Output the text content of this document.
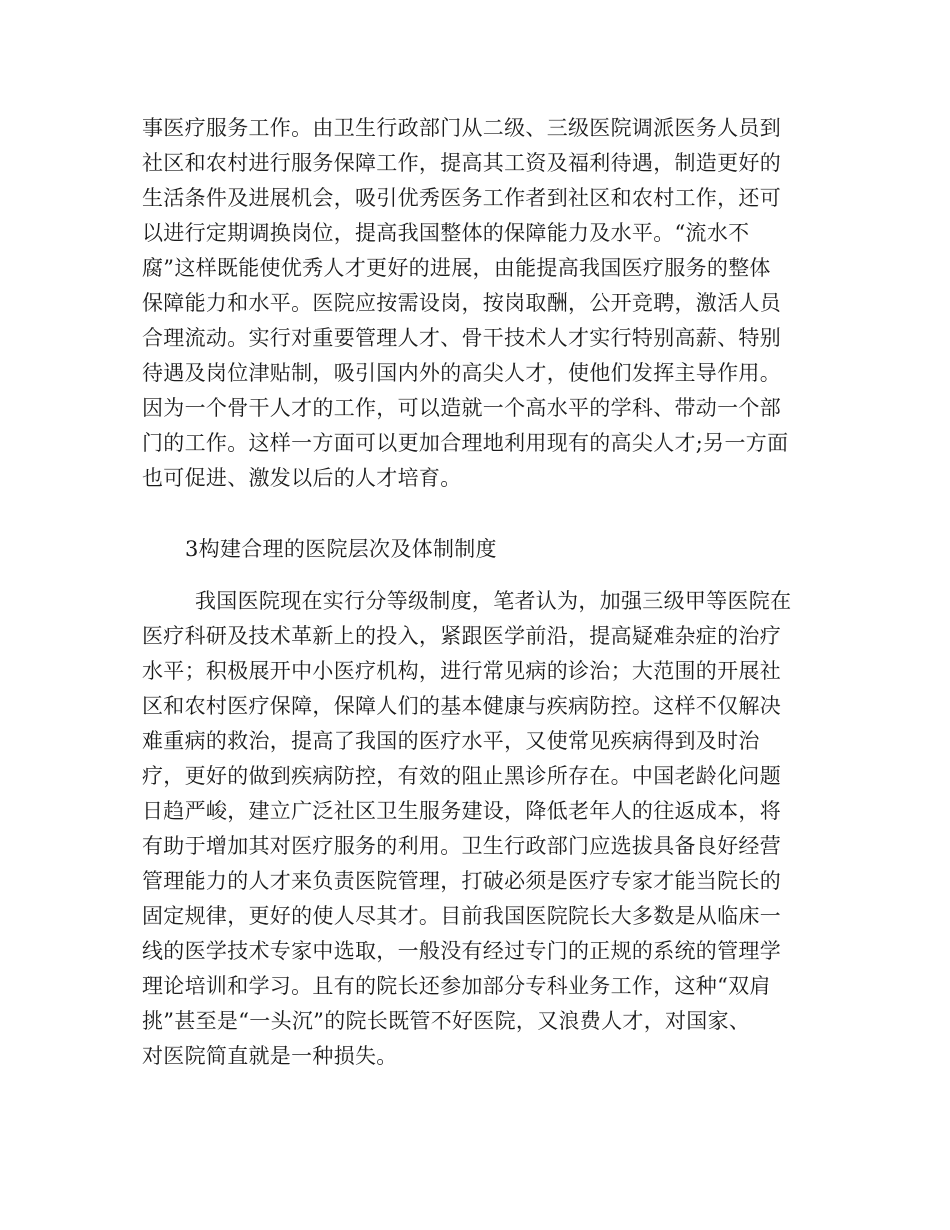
事医疗服务工作。由卫生行政部门从二级、三级医院调派医务人员到
社区和农村进行服务保障工作，提高其工资及福利待遇，制造更好的
生活条件及进展机会，吸引优秀医务工作者到社区和农村工作，还可
以进行定期调换岗位，提高我国整体的保障能力及水平。“流水不
腐”这样既能使优秀人才更好的进展，由能提高我国医疗服务的整体
保障能力和水平。医院应按需设岗，按岗取酬，公开竞聘，激活人员
合理流动。实行对重要管理人才、骨干技术人才实行特别高薪、特别
待遇及岗位津贴制，吸引国内外的高尖人才，使他们发挥主导作用。
因为一个骨干人才的工作，可以造就一个高水平的学科、带动一个部
门的工作。这样一方面可以更加合理地利用现有的高尖人才;另一方面
也可促进、激发以后的人才培育。
3构建合理的医院层次及体制制度
我国医院现在实行分等级制度，笔者认为，加强三级甲等医院在
医疗科研及技术革新上的投入，紧跟医学前沿，提高疑难杂症的治疗
水平；积极展开中小医疗机构，进行常见病的诊治；大范围的开展社
区和农村医疗保障，保障人们的基本健康与疾病防控。这样不仅解决
难重病的救治，提高了我国的医疗水平，又使常见疾病得到及时治
疗，更好的做到疾病防控，有效的阻止黑诊所存在。中国老龄化问题
日趋严峻，建立广泛社区卫生服务建设，降低老年人的往返成本，将
有助于增加其对医疗服务的利用。卫生行政部门应选拔具备良好经营
管理能力的人才来负责医院管理，打破必须是医疗专家才能当院长的
固定规律，更好的使人尽其才。目前我国医院院长大多数是从临床一
线的医学技术专家中选取，一般没有经过专门的正规的系统的管理学
理论培训和学习。且有的院长还参加部分专科业务工作，这种“双肩
挑”甚至是“一头沉”的院长既管不好医院，又浪费人才，对国家、
对医院简直就是一种损失。
